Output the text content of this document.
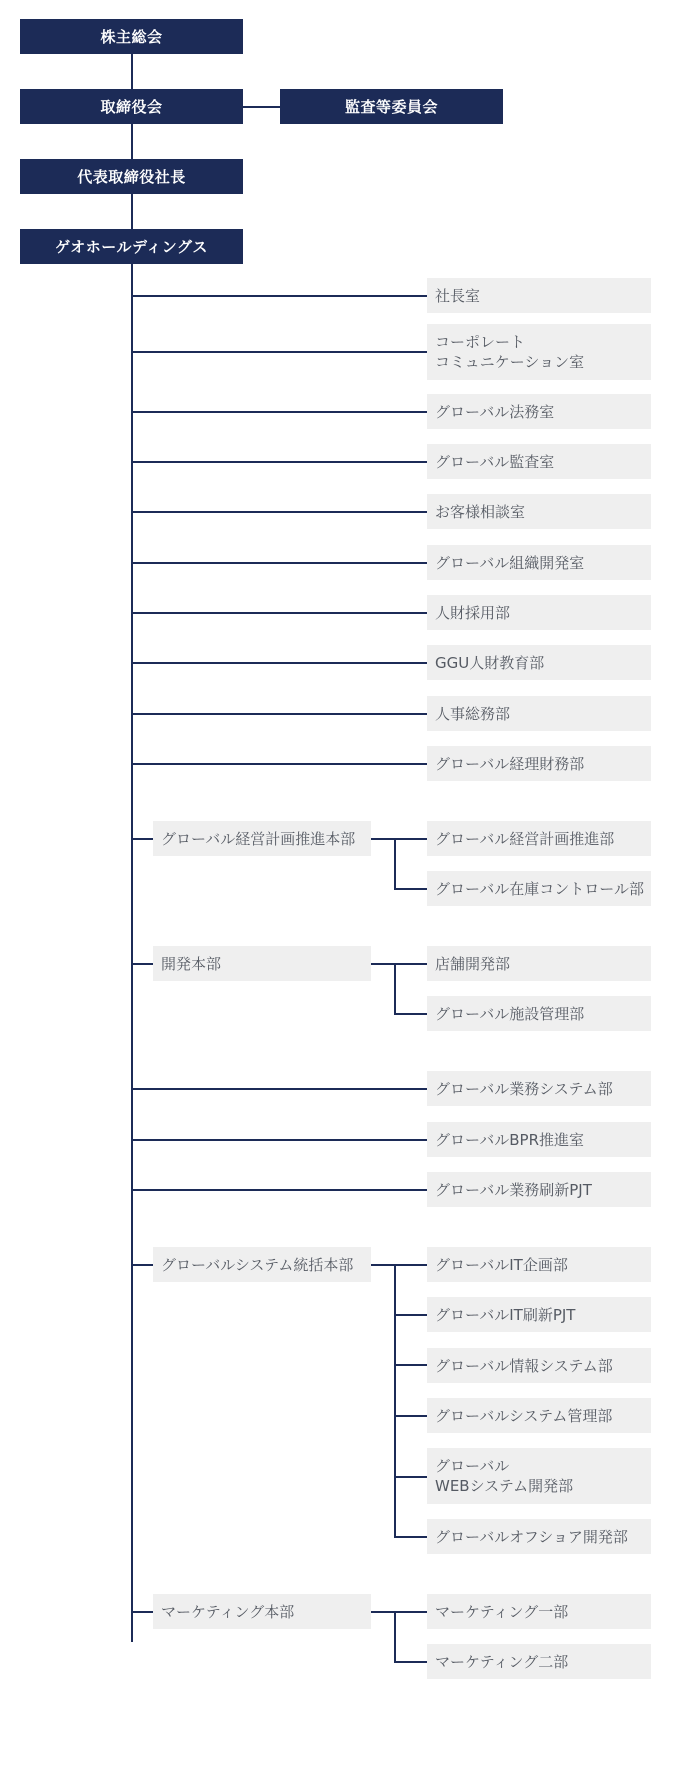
株主総会
取締役会	監査等委員会
代表取締役社長
ゲオホールディングス
社長室
コーポレート
コミュニケーション室
グローバル法務室
グローバル監査室
お客様相談室
グローバル組織開発室
人財採用部
GGU人財教育部
人事総務部
グローバル経理財務部
グローバル経営計画推進本部	グローバル経営計画推進部
グローバル在庫コントロール部
開発本部	店舗開発部
グローバル施設管理部
グローバル業務システム部
グローバルBPR推進室
グローバル業務刷新PJT
グローバルシステム統括本部	グローバルIT企画部
グローバルIT刷新PJT
グローバル情報システム部
グローバルシステム管理部
グローバル
WEBシステム開発部
グローバルオフショア開発部
マーケティング本部	マーケティング一部
マーケティング二部
